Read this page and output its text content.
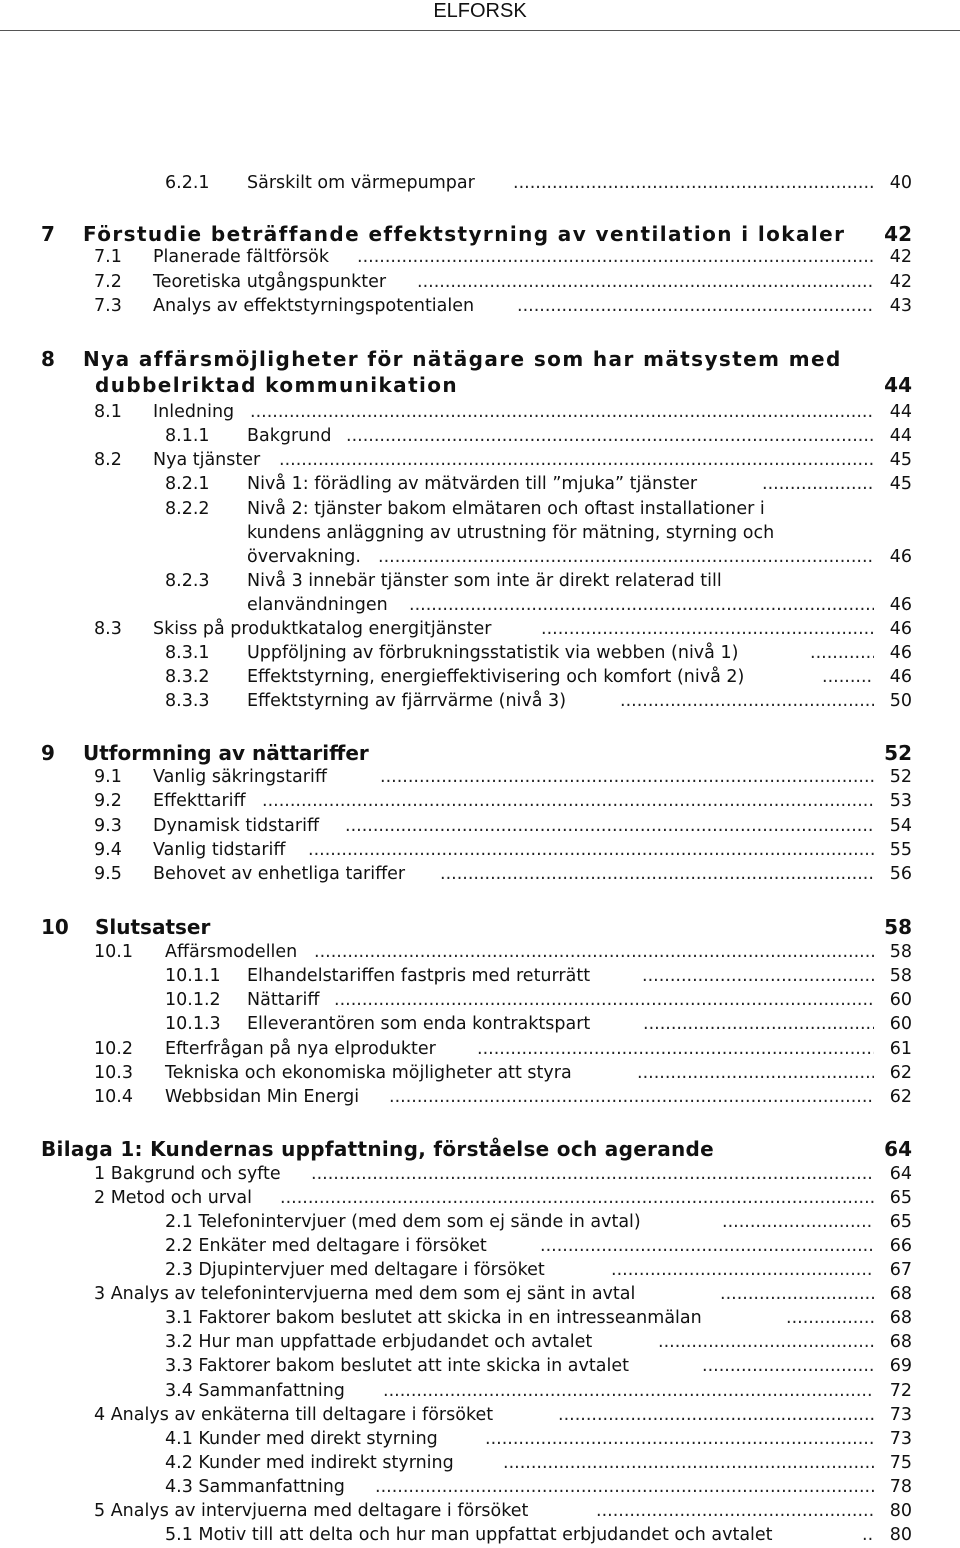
ELFORSK
6.2.1 Särskilt om värmepumpar .....	40
7 Förstudie beträffande effektstyrning av ventilation i lokaler 42
7.1 Planerade fältförsök .....	42
7.2 Teoretiska utgångspunkter .....	42
7.3 Analys av effektstyrningspotentialen .....	43
8 Nya affärsmöjligheter för nätägare som har mätsystem med
dubbelriktad kommunikation	44
8.1 Inledning .....	44
8.1.1 Bakgrund .....	44
8.2 Nya tjänster .....	45
8.2.1 Nivå 1: förädling av mätvärden till ”mjuka” tjänster .....	45
8.2.2 Nivå 2: tjänster bakom elmätaren och oftast installationer i
kundens anläggning av utrustning för mätning, styrning och
övervakning. .....	46
8.2.3 Nivå 3 innebär tjänster som inte är direkt relaterad till
elanvändningen .....	46
8.3 Skiss på produktkatalog energitjänster .....	46
8.3.1 Uppföljning av förbrukningsstatistik via webben (nivå 1) .....	46
8.3.2 Effektstyrning, energieffektivisering och komfort (nivå 2) .....	46
8.3.3 Effektstyrning av fjärrvärme (nivå 3) .....	50
9 Utformning av nättariffer	52
9.1 Vanlig säkringstariff .....	52
9.2 Effekttariff .....	53
9.3 Dynamisk tidstariff .....	54
9.4 Vanlig tidstariff .....	55
9.5 Behovet av enhetliga tariffer .....	56
10 Slutsatser	58
10.1 Affärsmodellen .....	58
10.1.1 Elhandelstariffen fastpris med returrätt .....	58
10.1.2 Nättariff .....	60
10.1.3 Elleverantören som enda kontraktspart .....	60
10.2 Efterfrågan på nya elprodukter .....	61
10.3 Tekniska och ekonomiska möjligheter att styra .....	62
10.4 Webbsidan Min Energi .....	62
Bilaga 1: Kundernas uppfattning, förståelse och agerande	64
1 Bakgrund och syfte .....	64
2 Metod och urval .....	65
2.1 Telefonintervjuer (med dem som ej sände in avtal) .....	65
2.2 Enkäter med deltagare i försöket .....	66
2.3 Djupintervjuer med deltagare i försöket .....	67
3 Analys av telefonintervjuerna med dem som ej sänt in avtal .....	68
3.1 Faktorer bakom beslutet att skicka in en intresseanmälan .....	68
3.2 Hur man uppfattade erbjudandet och avtalet .....	68
3.3 Faktorer bakom beslutet att inte skicka in avtalet .....	69
3.4 Sammanfattning .....	72
4 Analys av enkäterna till deltagare i försöket .....	73
4.1 Kunder med direkt styrning .....	73
4.2 Kunder med indirekt styrning .....	75
4.3 Sammanfattning .....	78
5 Analys av intervjuerna med deltagare i försöket .....	80
5.1 Motiv till att delta och hur man uppfattat erbjudandet och avtalet .....	80
